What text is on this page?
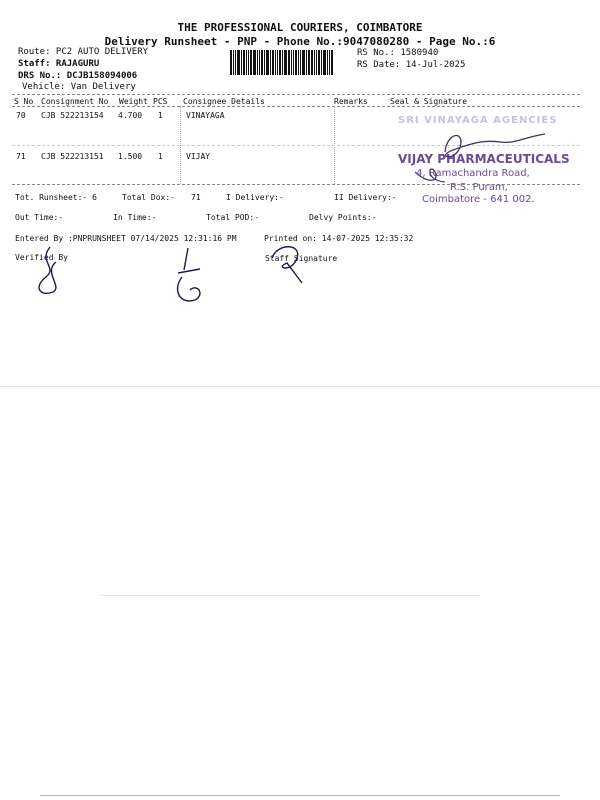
THE PROFESSIONAL COURIERS, COIMBATORE
Delivery Runsheet - PNP - Phone No.:9047080280 - Page No.:6
Route: PC2 AUTO DELIVERY
Staff: RAJAGURU
DRS No.: DCJB158094006
Vehicle: Van Delivery
RS No.: 1580940
RS Date: 14-Jul-2025
S No Consignment No Weight PCS Consignee Details	Remarks	Seal & Signature
70 CJB 522213154 4.700 1	VINAYAGA
71 CJB 522213151 1.500 1	VIJAY
SRI VINAYAGA AGENCIES
VIJAY PHARMACEUTICALS
4, Ramachandra Road,
R.S. Puram,
Coimbatore - 641 002.
Tot. Runsheet:- 6	Total Dox:- 71	I Delivery:-	II Delivery:-
Out Time:-	In Time:-	Total POD:-	Delvy Points:-
Entered By :PNPRUNSHEET 07/14/2025 12:31:16 PM	Printed on: 14-07-2025 12:35:32
Verified By	Staff Signature
